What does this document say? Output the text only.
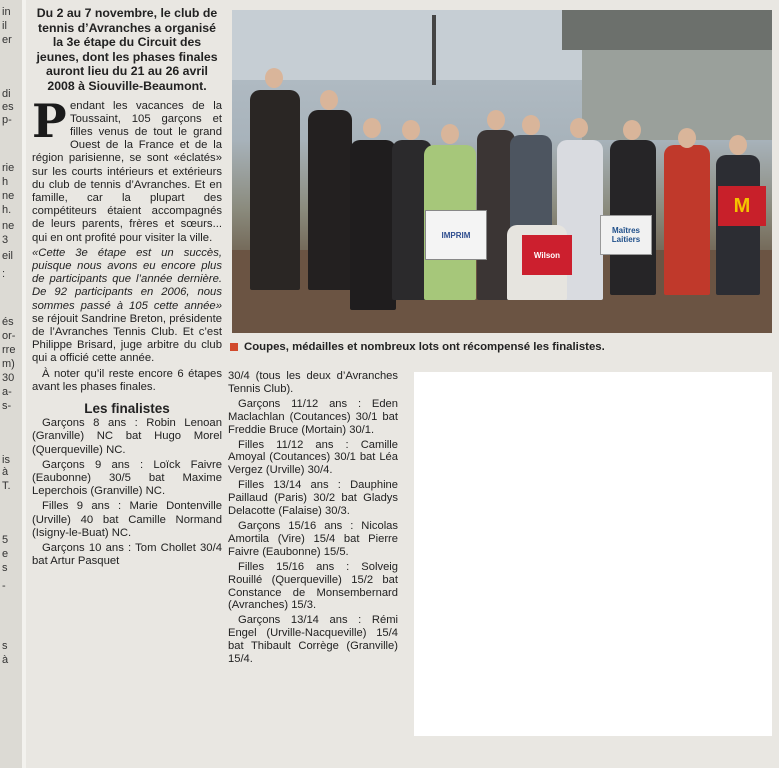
in
il
er
di
es
p-
rie
h
ne
h.
ne
3
eil
:
és
or-
rre
m)
30
a-
s-
is
à
T.
5
e
s
-
s
à

Du 2 au 7 novembre, le club de tennis d’Avranches a organisé la 3e étape du Circuit des jeunes, dont les phases finales auront lieu du 21 au 26 avril 2008 à Siouville-Beaumont.

P endant les vacances de la Toussaint, 105 garçons et filles venus de tout le grand Ouest de la France et de la région parisienne, se sont «éclatés» sur les courts intérieurs et extérieurs du club de tennis d’Avranches. Et en famille, car la plupart des compétiteurs étaient accompagnés de leurs parents, frères et sœurs... qui en ont profité pour visiter la ville.

«Cette 3e étape est un succès, puisque nous avons eu encore plus de participants que l’année dernière. De 92 participants en 2006, nous sommes passé à 105 cette année» se réjouit Sandrine Breton, présidente de l’Avranches Tennis Club. Et c’est Philippe Brisard, juge arbitre du club qui a officié cette année.

À noter qu’il reste encore 6 étapes avant les phases finales.

Les finalistes

Garçons 8 ans : Robin Lenoan (Granville) NC bat Hugo Morel (Querqueville) NC.

Garçons 9 ans : Loïck Faivre (Eaubonne) 30/5 bat Maxime Leperchois (Granville) NC.

Filles 9 ans : Marie Dontenville (Urville) 40 bat Camille Normand (Isigny-le-Buat) NC.

Garçons 10 ans : Tom Chollet 30/4 bat Artur Pasquet

IMPRIM
Wilson
Maîtres Laitiers
M
Coupes, médailles et nombreux lots ont récompensé les finalistes.

30/4 (tous les deux d’Avranches Tennis Club).

Garçons 11/12 ans : Eden Maclachlan (Coutances) 30/1 bat Freddie Bruce (Mortain) 30/1.

Filles 11/12 ans : Camille Amoyal (Coutances) 30/1 bat Léa Vergez (Urville) 30/4.

Filles 13/14 ans : Dauphine Paillaud (Paris) 30/2 bat Gladys Delacotte (Falaise) 30/3.

Garçons 15/16 ans : Nicolas Amortila (Vire) 15/4 bat Pierre Faivre (Eaubonne) 15/5.

Filles 15/16 ans : Solveig Rouillé (Querqueville) 15/2 bat Constance de Monsembernard (Avranches) 15/3.

Garçons 13/14 ans : Rémi Engel (Urville-Nacqueville) 15/4 bat Thibault Corrège (Granville) 15/4.
